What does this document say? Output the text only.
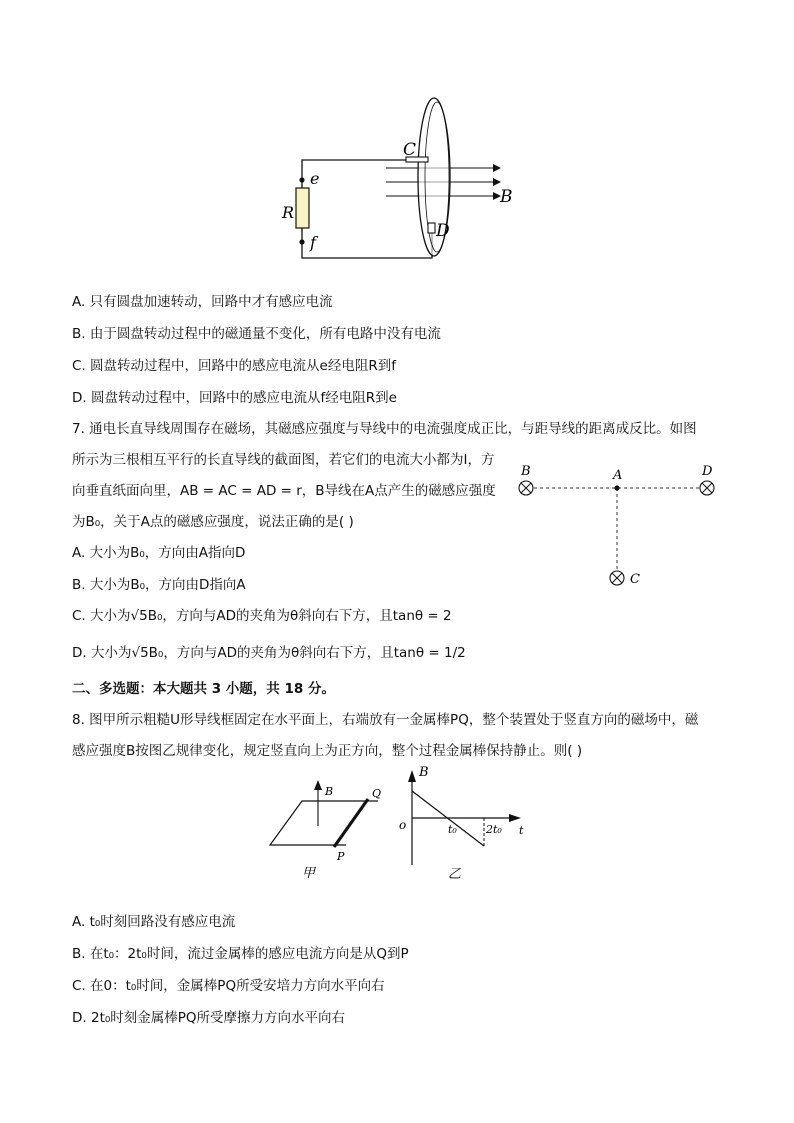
C
e
R
f
D
B
A. 只有圆盘加速转动，回路中才有感应电流
B. 由于圆盘转动过程中的磁通量不变化，所有电路中没有电流
C. 圆盘转动过程中，回路中的感应电流从e经电阻R到f
D. 圆盘转动过程中，回路中的感应电流从f经电阻R到e
7. 通电长直导线周围存在磁场，其磁感应强度与导线中的电流强度成正比，与距导线的距离成反比。如图
所示为三根相互平行的长直导线的截面图，若它们的电流大小都为I，方
向垂直纸面向里，AB = AC = AD = r，B导线在A点产生的磁感应强度
为B₀，关于A点的磁感应强度，说法正确的是( )
B	A	D
C
A. 大小为B₀，方向由A指向D
B. 大小为B₀，方向由D指向A
C. 大小为√5B₀，方向与AD的夹角为θ斜向右下方，且tanθ = 2
D. 大小为√5B₀，方向与AD的夹角为θ斜向右下方，且tanθ = 1/2
二、多选题：本大题共 3 小题，共 18 分。
8. 图甲所示粗糙U形导线框固定在水平面上，右端放有一金属棒PQ，整个装置处于竖直方向的磁场中，磁
感应强度B按图乙规律变化，规定竖直向上为正方向，整个过程金属棒保持静止。则( )
B	Q
P
甲
B
o	t₀	2t₀ t
乙
A. t₀时刻回路没有感应电流
B. 在t₀：2t₀时间，流过金属棒的感应电流方向是从Q到P
C. 在0：t₀时间，金属棒PQ所受安培力方向水平向右
D. 2t₀时刻金属棒PQ所受摩擦力方向水平向右
